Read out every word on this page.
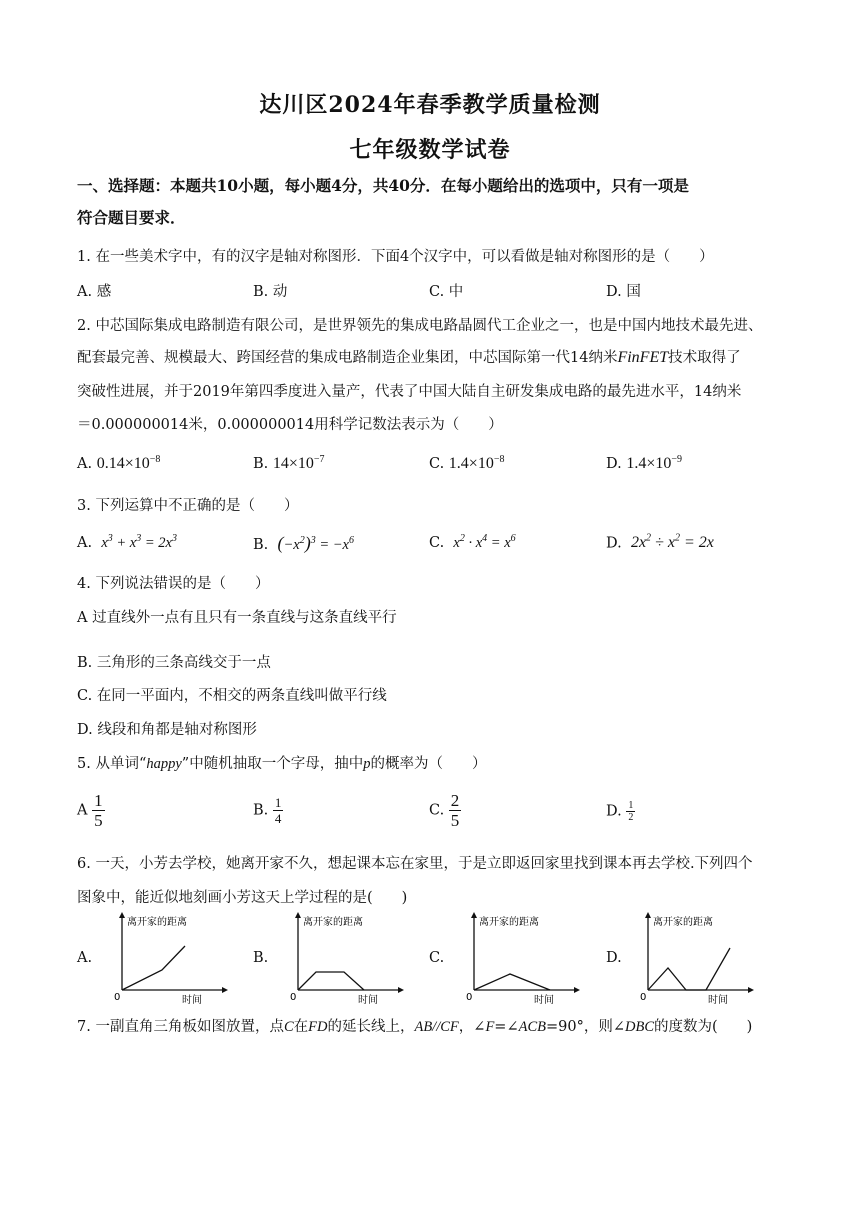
达川区2024年春季教学质量检测
七年级数学试卷
一、选择题：本题共10小题，每小题4分，共40分．在每小题给出的选项中，只有一项是
符合题目要求．
1. 在一些美术字中，有的汉字是轴对称图形．下面4个汉字中，可以看做是轴对称图形的是（　　）
A. 感	B. 动	C. 中	D. 国
2. 中芯国际集成电路制造有限公司，是世界领先的集成电路晶圆代工企业之一，也是中国内地技术最先进、
配套最完善、规模最大、跨国经营的集成电路制造企业集团，中芯国际第一代14纳米FinFET技术取得了
突破性进展，并于2019年第四季度进入量产，代表了中国大陆自主研发集成电路的最先进水平，14纳米
＝0.000000014米，0.000000014用科学记数法表示为（　　）
A. $0.14\times 10^{-8}$	B. $14\times 10^{-7}$	C. $1.4\times 10^{-8}$	D. $1.4\times 10^{-9}$
3. 下列运算中不正确的是（　　）
A. $x^3 + x^3 = 2x^3$	B. $(-x^2)^3 = -x^6$	C. $x^2 \cdot x^4 = x^6$	D. $2x^2 \div x^2 = 2x$
4. 下列说法错误的是（　　）
A 过直线外一点有且只有一条直线与这条直线平行
B. 三角形的三条高线交于一点
C. 在同一平面内，不相交的两条直线叫做平行线
D. 线段和角都是轴对称图形
5. 从单词“happy”中随机抽取一个字母，抽中p的概率为（　　）
A $\frac{1}{5}$	B. $\frac{1}{4}$	C. $\frac{2}{5}$	D. $\frac{1}{2}$
6. 一天，小芳去学校，她离开家不久，想起课本忘在家里，于是立即返回家里找到课本再去学校.下列四个
图象中，能近似地刻画小芳这天上学过程的是(　　)
A.	B.	C.	D.
离开家的距离
时间
0
离开家的距离
时间
0
离开家的距离
时间
0
离开家的距离
时间
0
7. 一副直角三角板如图放置，点C在FD的延长线上，AB//CF，∠F=∠ACB=90°，则∠DBC的度数为(　　)
